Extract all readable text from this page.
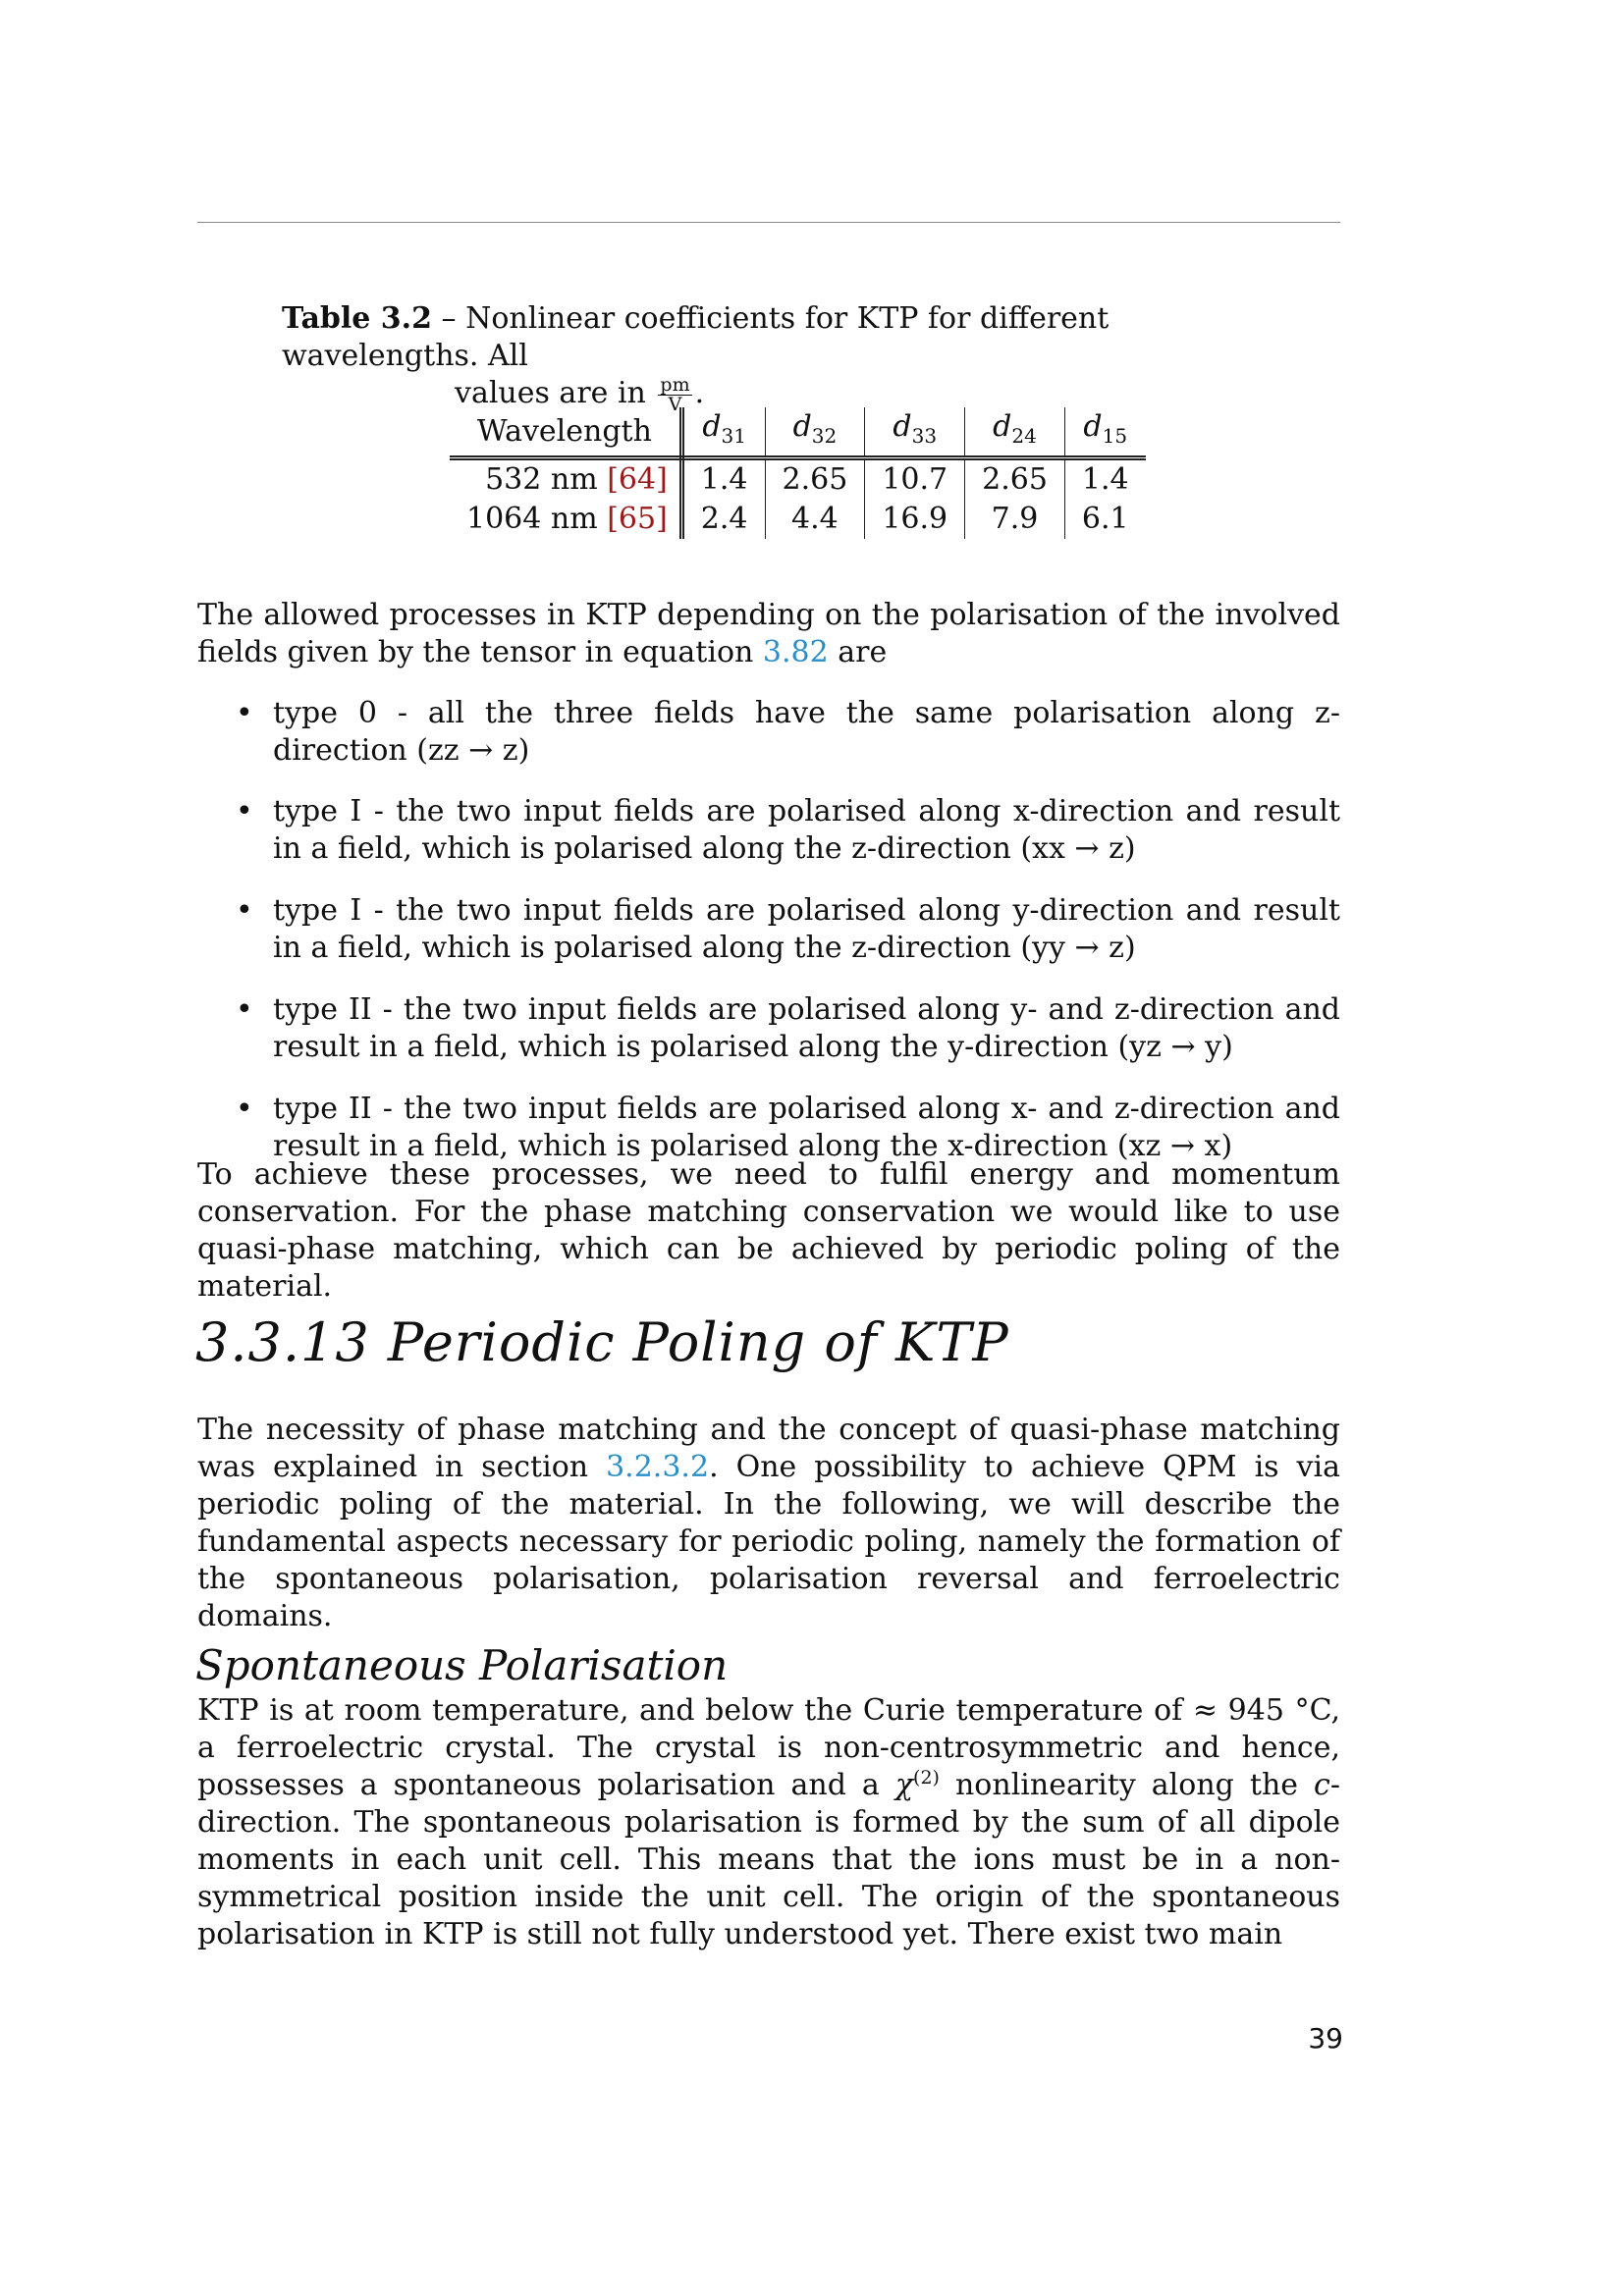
Table 3.2 – Nonlinear coefficients for KTP for different wavelengths. All
values are in $\frac{pm}{V}$ .
Wavelength	$d_{31}$	$d_{32}$	$d_{33}$	$d_{24}$	$d_{15}$
532 nm [64]	1.4	2.65	10.7	2.65	1.4
1064 nm [65]	2.4	4.4	16.9	7.9	6.1

The allowed processes in KTP depending on the polarisation of the involved fields given by the tensor in equation 3.82 are

• type 0 - all the three fields have the same polarisation along z-direction (zz → z)
• type I - the two input fields are polarised along x-direction and result in a field, which is polarised along the z-direction (xx → z)
• type I - the two input fields are polarised along y-direction and result in a field, which is polarised along the z-direction (yy → z)
• type II - the two input fields are polarised along y- and z-direction and result in a field, which is polarised along the y-direction (yz → y)
• type II - the two input fields are polarised along x- and z-direction and result in a field, which is polarised along the x-direction (xz → x)

To achieve these processes, we need to fulfil energy and momentum conservation. For the phase matching conservation we would like to use quasi-phase matching, which can be achieved by periodic poling of the material.

3.3.13 Periodic Poling of KTP

The necessity of phase matching and the concept of quasi-phase matching was explained in section 3.2.3.2. One possibility to achieve QPM is via periodic poling of the material. In the following, we will describe the fundamental aspects necessary for periodic poling, namely the formation of the spontaneous polarisation, polarisation reversal and ferroelectric domains.

Spontaneous Polarisation

KTP is at room temperature, and below the Curie temperature of ≈ 945 °C, a ferroelectric crystal. The crystal is non-centrosymmetric and hence, possesses a spontaneous polarisation and a $\chi^{(2)}$ nonlinearity along the c-direction. The spontaneous polarisation is formed by the sum of all dipole moments in each unit cell. This means that the ions must be in a non-symmetrical position inside the unit cell. The origin of the spontaneous polarisation in KTP is still not fully understood yet. There exist two main

39
